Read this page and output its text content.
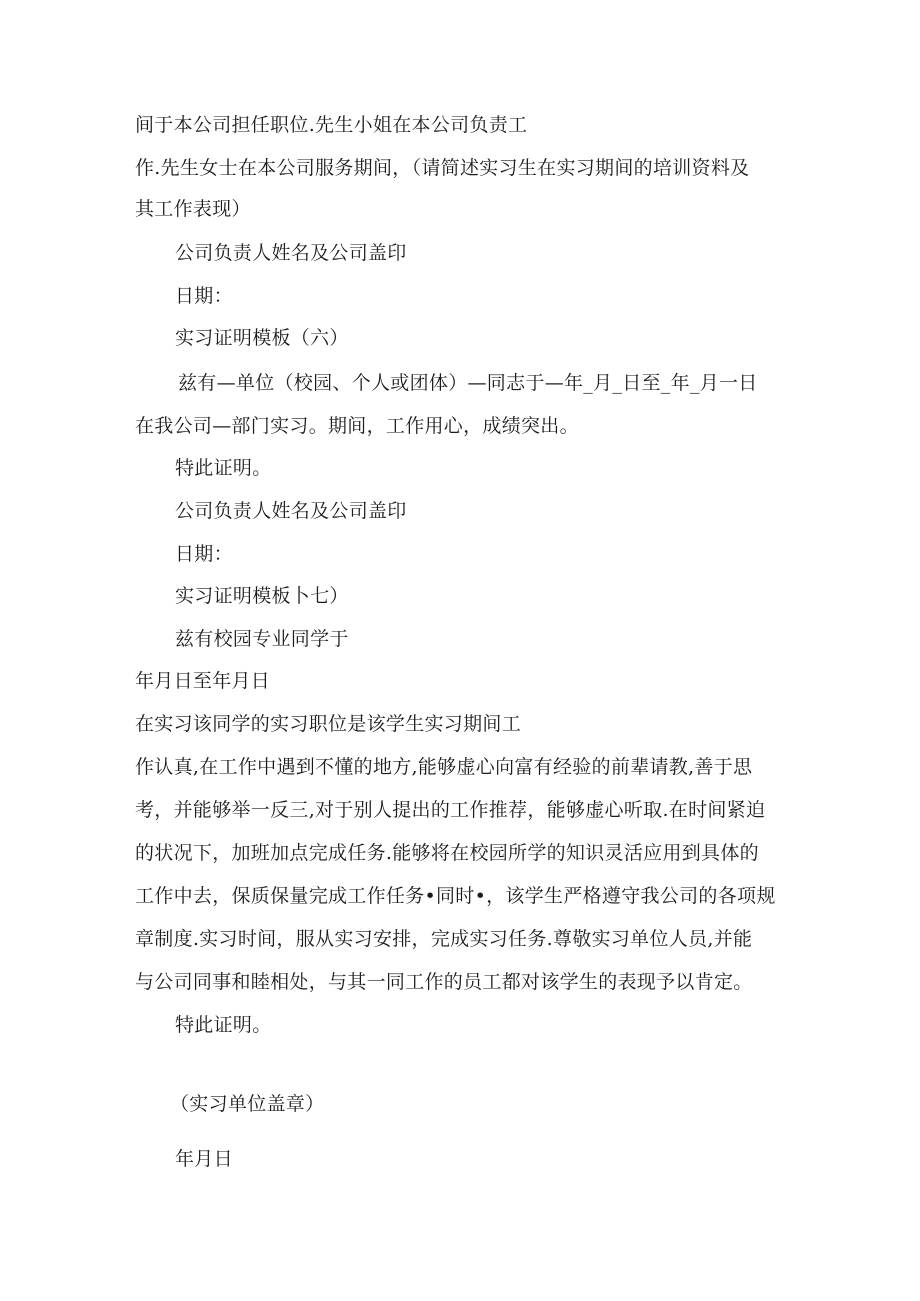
间于本公司担任职位.先生小姐在本公司负责工
作.先生女士在本公司服务期间，（请简述实习生在实习期间的培训资料及
其工作表现）
公司负责人姓名及公司盖印
日期：
实习证明模板（六）
兹有—单位（校园、个人或团体）—同志于—年_月_日至_年_月一日
在我公司—部门实习。期间，工作用心，成绩突出。
特此证明。
公司负责人姓名及公司盖印
日期：
实习证明模板卜七）
兹有校园专业同学于
年月日至年月日
在实习该同学的实习职位是该学生实习期间工
作认真,在工作中遇到不懂的地方,能够虚心向富有经验的前辈请教,善于思
考，并能够举一反三,对于别人提出的工作推荐，能够虚心听取.在时间紧迫
的状况下，加班加点完成任务.能够将在校园所学的知识灵活应用到具体的
工作中去，保质保量完成工作任务•同时•，该学生严格遵守我公司的各项规
章制度.实习时间，服从实习安排，完成实习任务.尊敬实习单位人员,并能
与公司同事和睦相处，与其一同工作的员工都对该学生的表现予以肯定。
特此证明。
（实习单位盖章）
年月日
